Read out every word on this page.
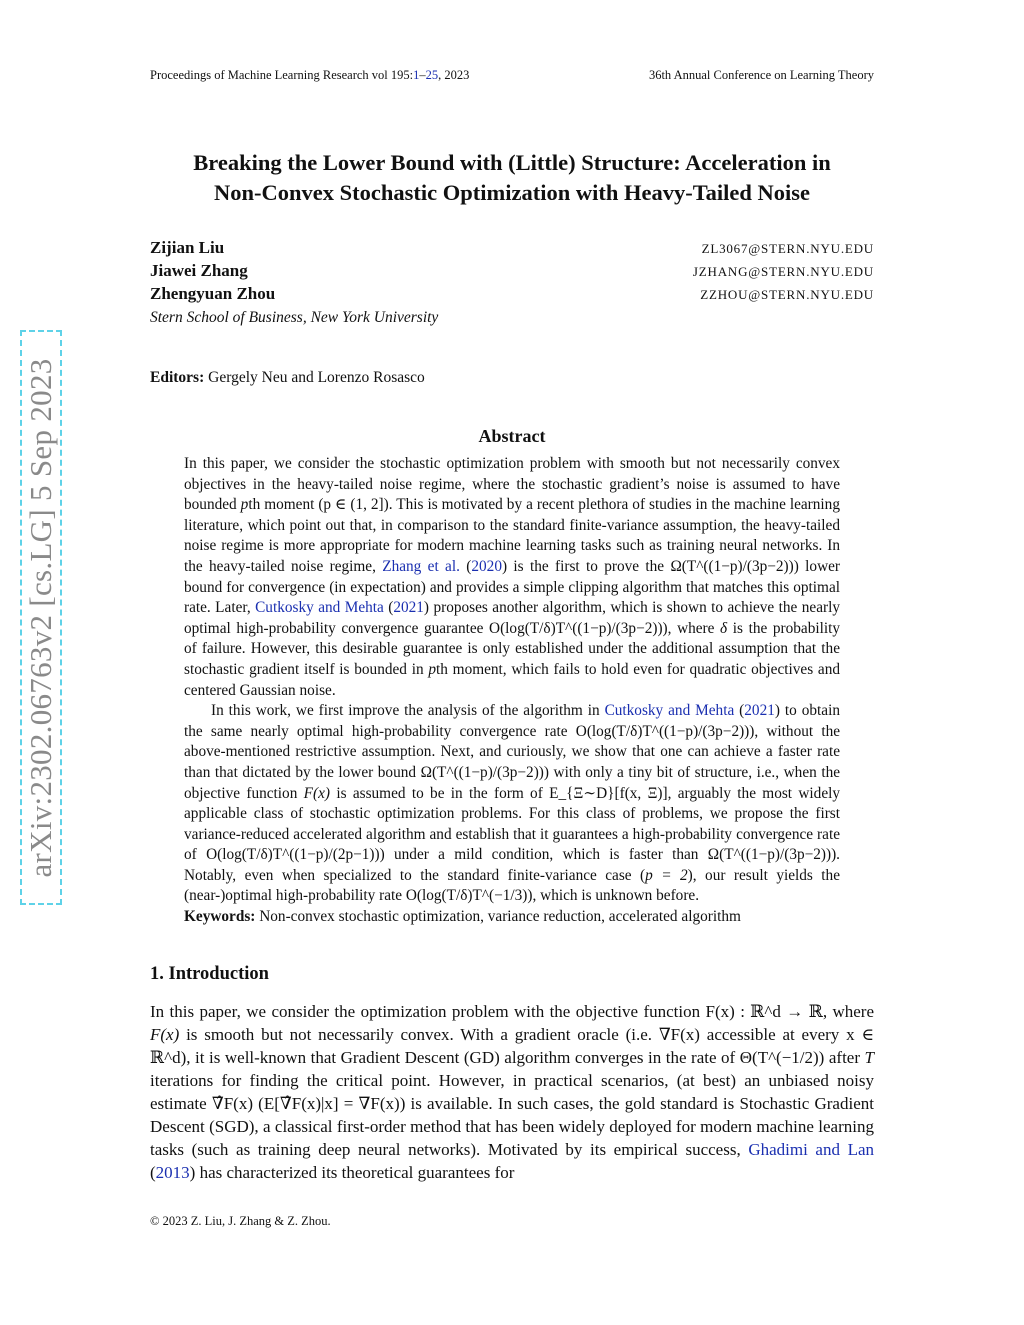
Proceedings of Machine Learning Research vol 195:1–25, 2023	36th Annual Conference on Learning Theory
arXiv:2302.06763v2 [cs.LG] 5 Sep 2023
Breaking the Lower Bound with (Little) Structure: Acceleration in
Non-Convex Stochastic Optimization with Heavy-Tailed Noise
Zijian Liu	ZL3067@STERN.NYU.EDU
Jiawei Zhang	JZHANG@STERN.NYU.EDU
Zhengyuan Zhou	ZZHOU@STERN.NYU.EDU
Stern School of Business, New York University
Editors: Gergely Neu and Lorenzo Rosasco
Abstract

In this paper, we consider the stochastic optimization problem with smooth but not necessarily convex objectives in the heavy-tailed noise regime, where the stochastic gradient’s noise is assumed to have bounded pth moment (p ∈ (1, 2]). This is motivated by a recent plethora of studies in the machine learning literature, which point out that, in comparison to the standard finite-variance assumption, the heavy-tailed noise regime is more appropriate for modern machine learning tasks such as training neural networks. In the heavy-tailed noise regime, Zhang et al. (2020) is the first to prove the Ω(T^((1−p)/(3p−2))) lower bound for convergence (in expectation) and provides a simple clipping algorithm that matches this optimal rate. Later, Cutkosky and Mehta (2021) proposes another algorithm, which is shown to achieve the nearly optimal high-probability convergence guarantee O(log(T/δ)T^((1−p)/(3p−2))), where δ is the probability of failure. However, this desirable guarantee is only established under the additional assumption that the stochastic gradient itself is bounded in pth moment, which fails to hold even for quadratic objectives and centered Gaussian noise.

In this work, we first improve the analysis of the algorithm in Cutkosky and Mehta (2021) to obtain the same nearly optimal high-probability convergence rate O(log(T/δ)T^((1−p)/(3p−2))), without the above-mentioned restrictive assumption. Next, and curiously, we show that one can achieve a faster rate than that dictated by the lower bound Ω(T^((1−p)/(3p−2))) with only a tiny bit of structure, i.e., when the objective function F(x) is assumed to be in the form of E_{Ξ∼D}[f(x, Ξ)], arguably the most widely applicable class of stochastic optimization problems. For this class of problems, we propose the first variance-reduced accelerated algorithm and establish that it guarantees a high-probability convergence rate of O(log(T/δ)T^((1−p)/(2p−1))) under a mild condition, which is faster than Ω(T^((1−p)/(3p−2))). Notably, even when specialized to the standard finite-variance case (p = 2), our result yields the (near-)optimal high-probability rate O(log(T/δ)T^(−1/3)), which is unknown before.

Keywords: Non-convex stochastic optimization, variance reduction, accelerated algorithm

1. Introduction

In this paper, we consider the optimization problem with the objective function F(x) : ℝ^d → ℝ, where F(x) is smooth but not necessarily convex. With a gradient oracle (i.e. ∇F(x) accessible at every x ∈ ℝ^d), it is well-known that Gradient Descent (GD) algorithm converges in the rate of Θ(T^(−1/2)) after T iterations for finding the critical point. However, in practical scenarios, (at best) an unbiased noisy estimate ∇̂F(x) (E[∇̂F(x)|x] = ∇F(x)) is available. In such cases, the gold standard is Stochastic Gradient Descent (SGD), a classical first-order method that has been widely deployed for modern machine learning tasks (such as training deep neural networks). Motivated by its empirical success, Ghadimi and Lan (2013) has characterized its theoretical guarantees for

© 2023 Z. Liu, J. Zhang & Z. Zhou.
